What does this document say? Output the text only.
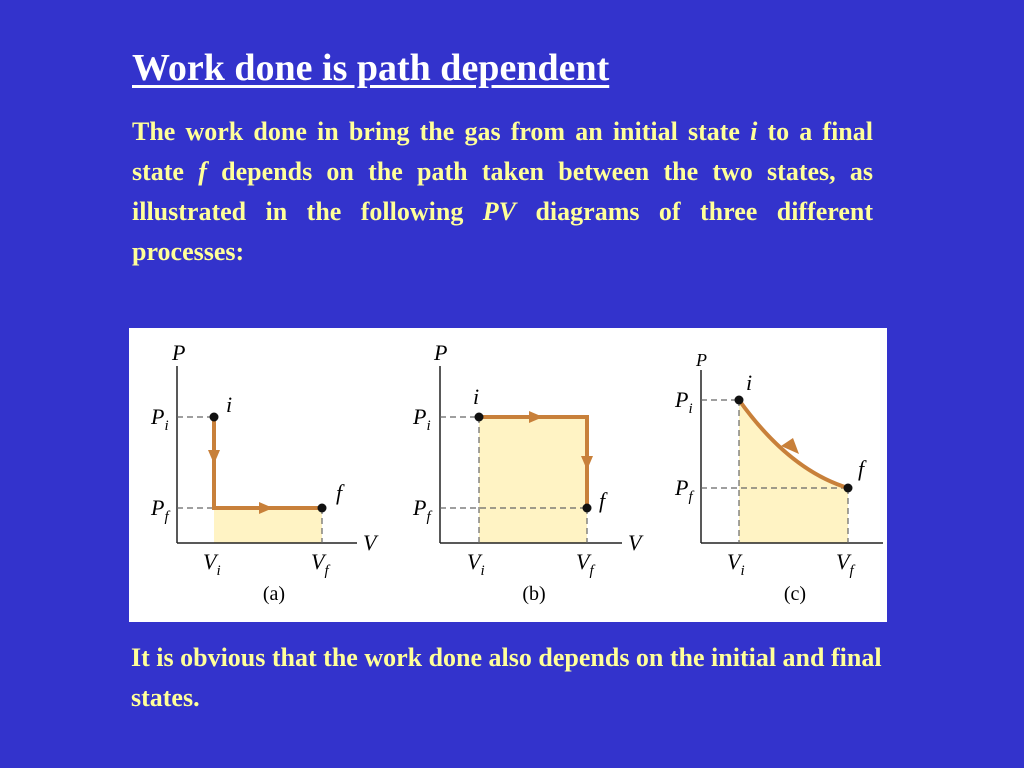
Work done is path dependent

The work done in bring the gas from an initial state i to a final state f depends on the path taken between the two states, as illustrated in the following PV diagrams of three different processes:

P
V
$P_i$
$P_f$
$V_i$	$V_f$
i
f
(a)
P
V
$P_i$
$P_f$
$V_i$	$V_f$
i
f
(b)
P
$P_i$
$P_f$
$V_i$	$V_f$
i
f
(c)

It is obvious that the work done also depends on the initial and final states.
